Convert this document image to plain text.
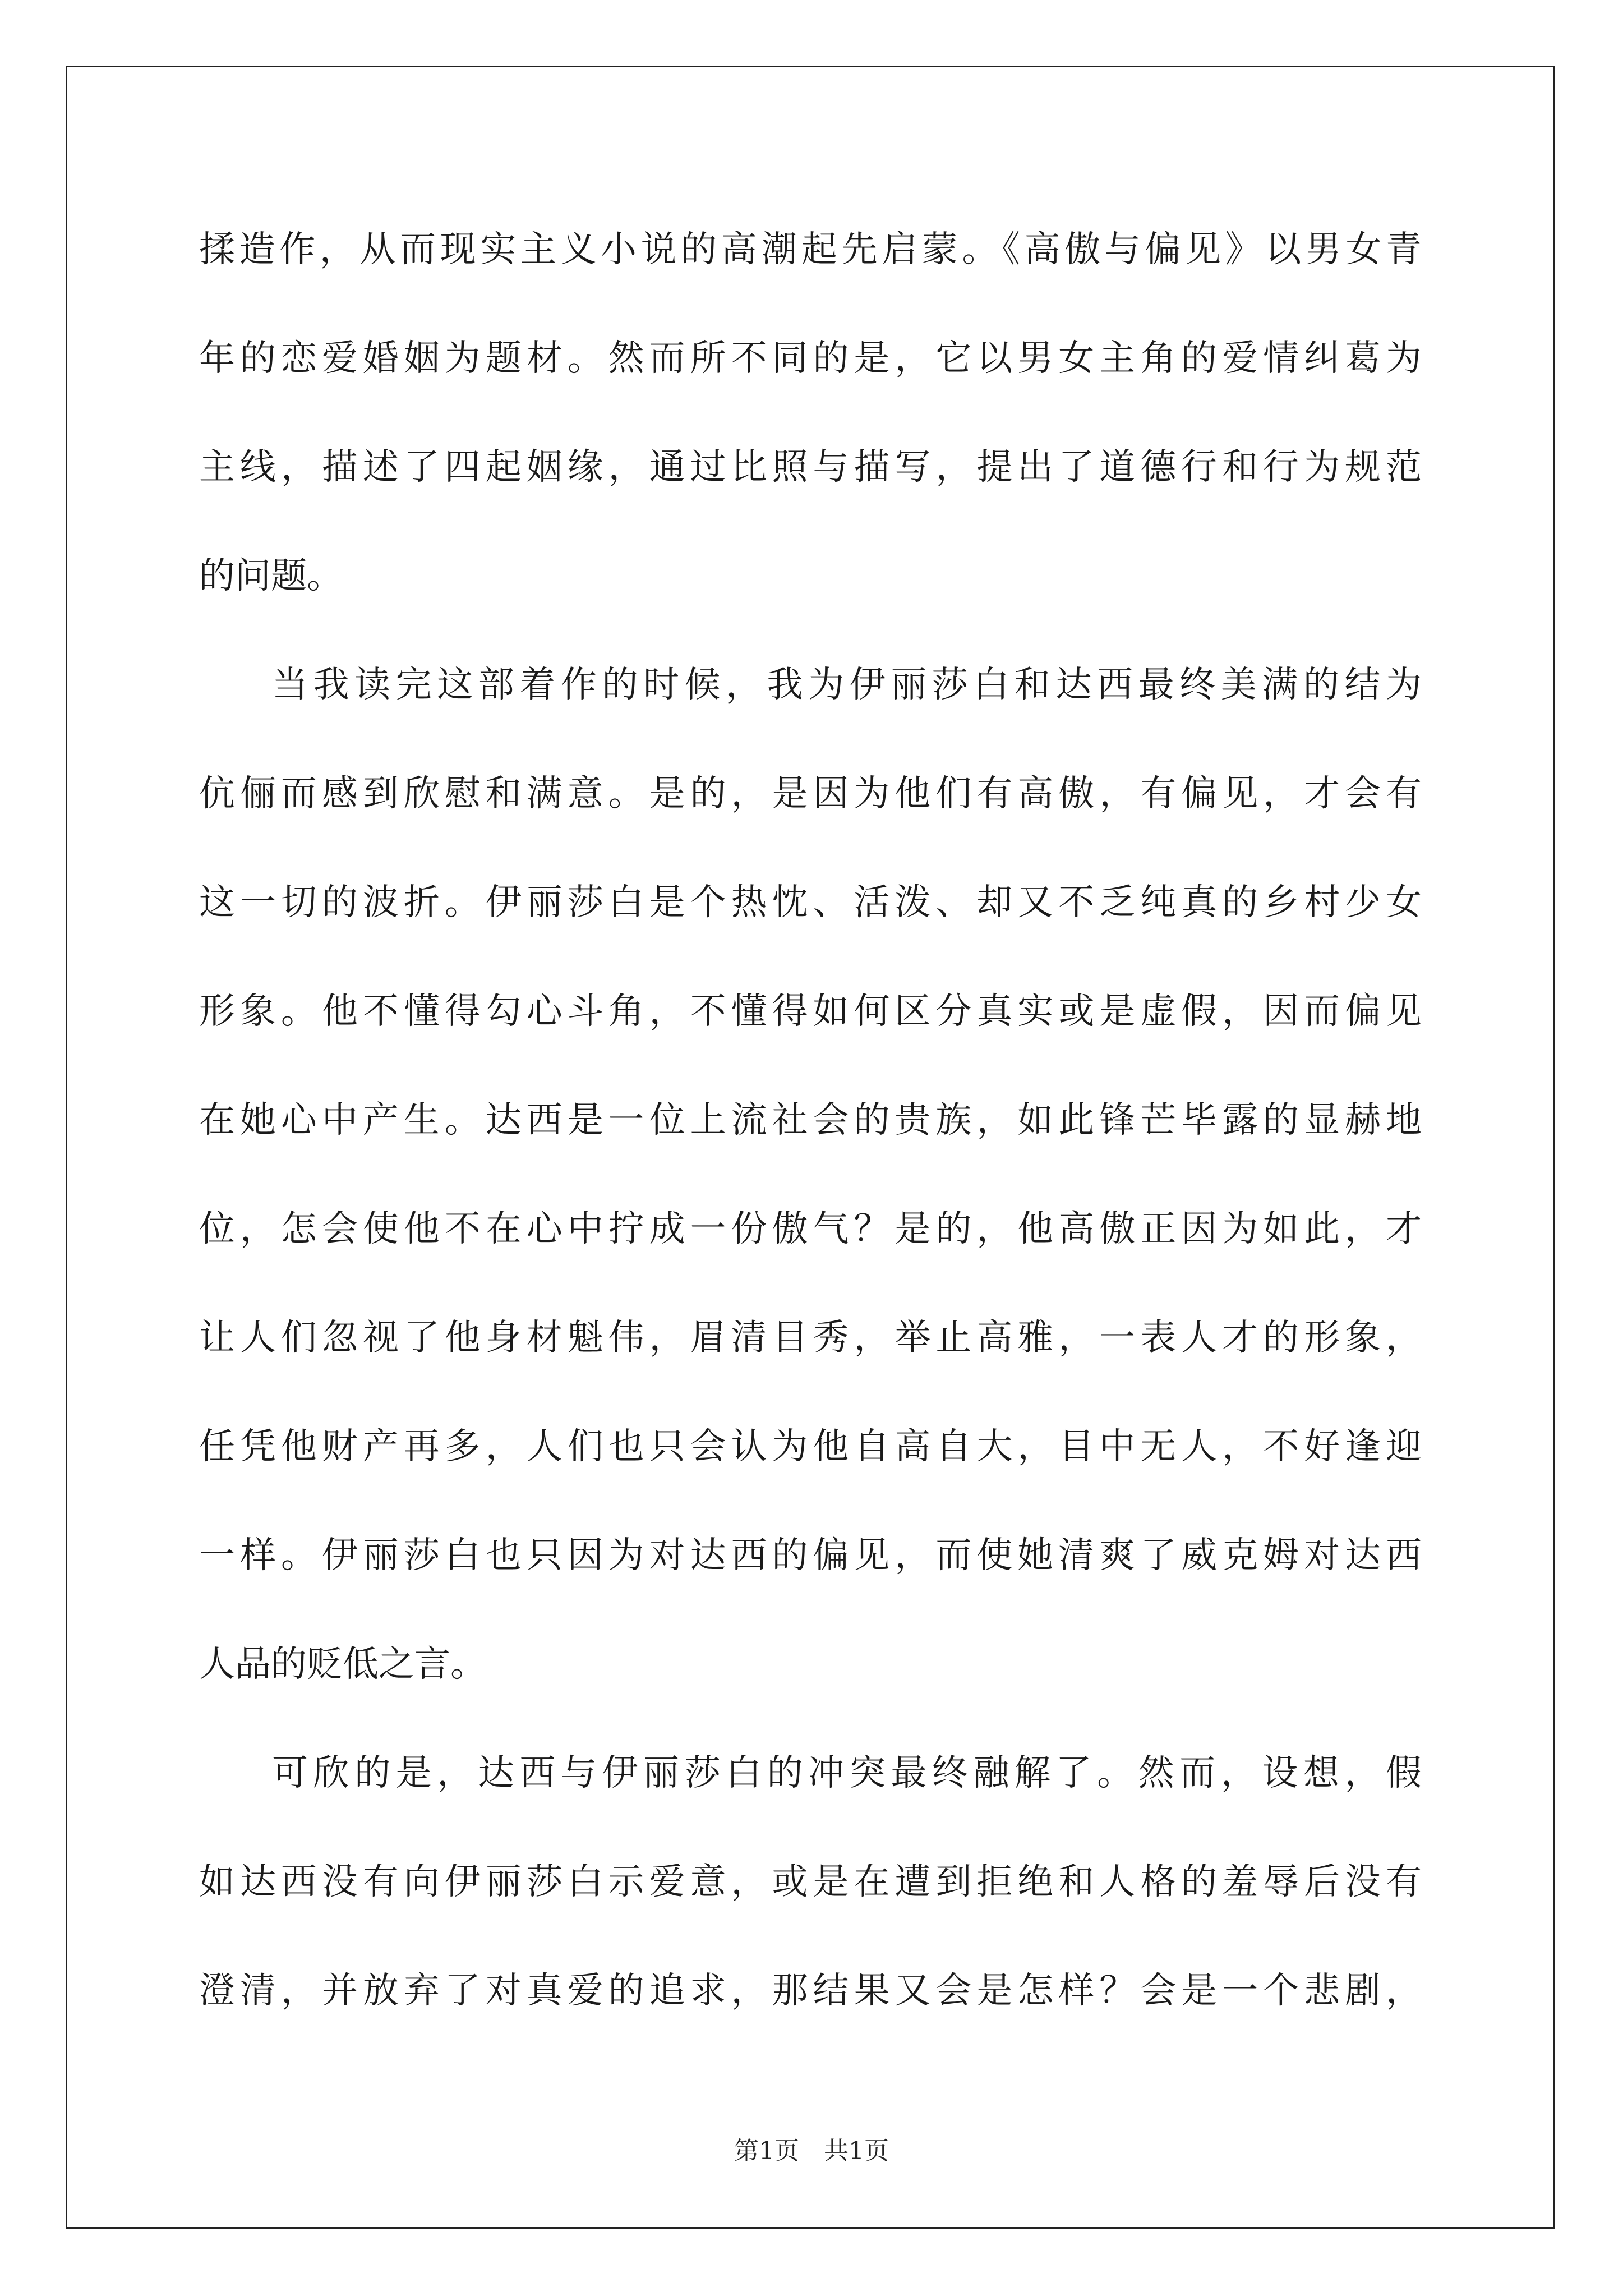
揉造作，从而现实主义小说的高潮起先启蒙。《高傲与偏见》以男女青
年的恋爱婚姻为题材。然而所不同的是，它以男女主角的爱情纠葛为
主线，描述了四起姻缘，通过比照与描写，提出了道德行和行为规范
的问题。
当我读完这部着作的时候，我为伊丽莎白和达西最终美满的结为
伉俪而感到欣慰和满意。是的，是因为他们有高傲，有偏见，才会有
这一切的波折。伊丽莎白是个热忱、活泼、却又不乏纯真的乡村少女
形象。他不懂得勾心斗角，不懂得如何区分真实或是虚假，因而偏见
在她心中产生。达西是一位上流社会的贵族，如此锋芒毕露的显赫地
位，怎会使他不在心中拧成一份傲气？是的，他高傲正因为如此，才
让人们忽视了他身材魁伟，眉清目秀，举止高雅，一表人才的形象，
任凭他财产再多，人们也只会认为他自高自大，目中无人，不好逢迎
一样。伊丽莎白也只因为对达西的偏见，而使她清爽了威克姆对达西
人品的贬低之言。
可欣的是，达西与伊丽莎白的冲突最终融解了。然而，设想，假
如达西没有向伊丽莎白示爱意，或是在遭到拒绝和人格的羞辱后没有
澄清，并放弃了对真爱的追求，那结果又会是怎样？会是一个悲剧，
第1页　共1页
